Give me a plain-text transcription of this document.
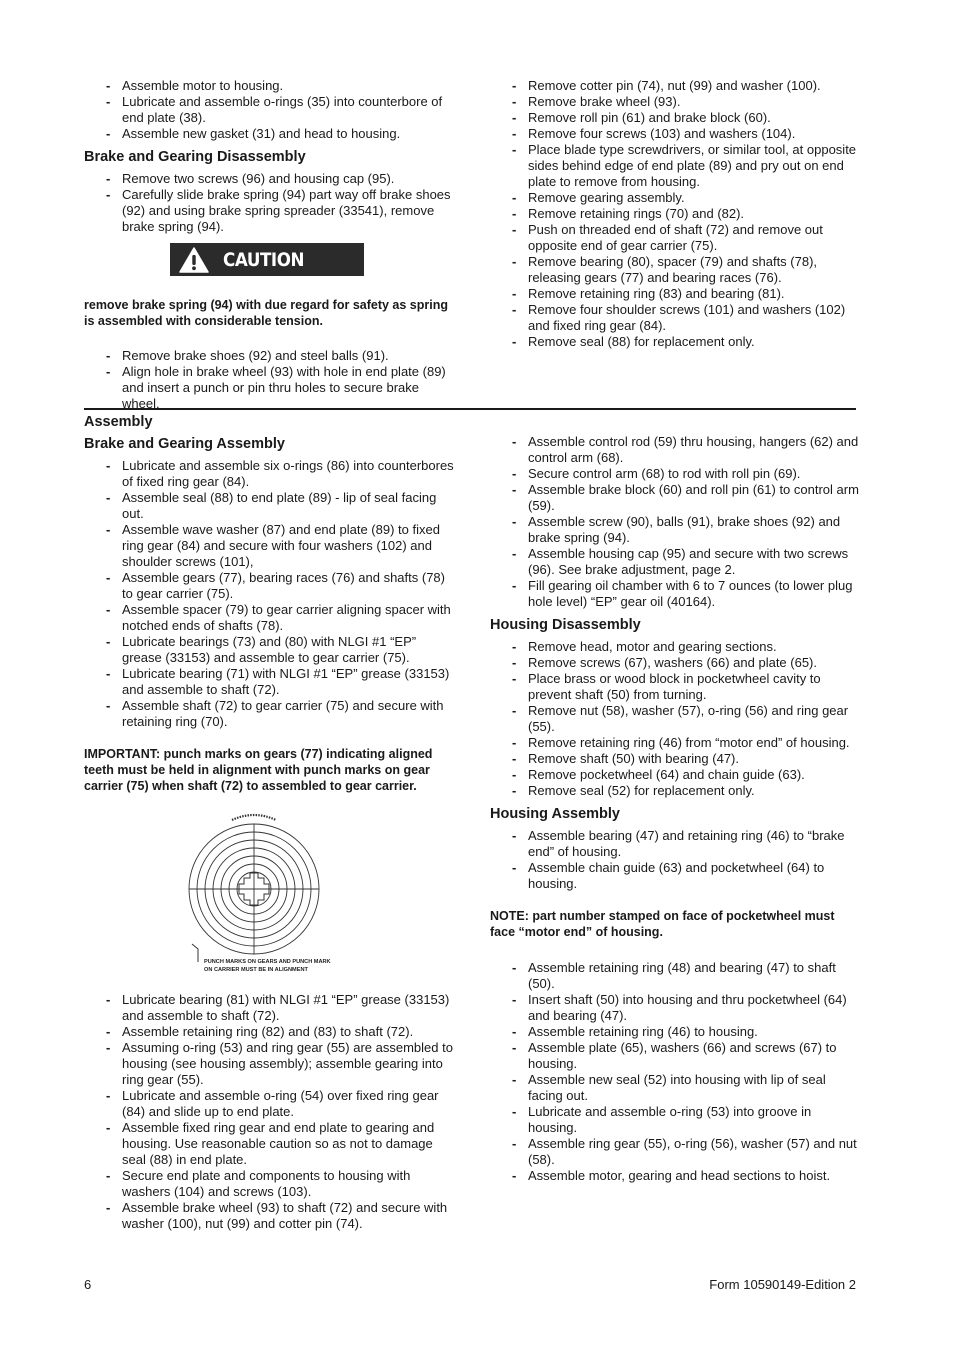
- Assemble motor to housing.
- Lubricate and assemble o-rings (35) into counterbore of end plate (38).
- Assemble new gasket (31) and head to housing.
Brake and Gearing Disassembly
- Remove two screws (96) and housing cap (95).
- Carefully slide brake spring (94) part way off brake shoes (92) and using brake spring spreader (33541), remove brake spring (94).
CAUTION

remove brake spring (94) with due regard for safety as spring is assembled with considerable tension.

- Remove brake shoes (92) and steel balls (91).
- Align hole in brake wheel (93) with hole in end plate (89) and insert a punch or pin thru holes to secure brake wheel.
- Remove cotter pin (74), nut (99) and washer (100).
- Remove brake wheel (93).
- Remove roll pin (61) and brake block (60).
- Remove four screws (103) and washers (104).
- Place blade type screwdrivers, or similar tool, at opposite sides behind edge of end plate (89) and pry out on end plate to remove from housing.
- Remove gearing assembly.
- Remove retaining rings (70) and (82).
- Push on threaded end of shaft (72) and remove out opposite end of gear carrier (75).
- Remove bearing (80), spacer (79) and shafts (78), releasing gears (77) and bearing races (76).
- Remove retaining ring (83) and bearing (81).
- Remove four shoulder screws (101) and washers (102) and fixed ring gear (84).
- Remove seal (88) for replacement only.
Assembly
Brake and Gearing Assembly
- Lubricate and assemble six o-rings (86) into counterbores of fixed ring gear (84).
- Assemble seal (88) to end plate (89) - lip of seal facing out.
- Assemble wave washer (87) and end plate (89) to fixed ring gear (84) and secure with four washers (102) and shoulder screws (101),
- Assemble gears (77), bearing races (76) and shafts (78) to gear carrier (75).
- Assemble spacer (79) to gear carrier aligning spacer with notched ends of shafts (78).
- Lubricate bearings (73) and (80) with NLGI #1 “EP” grease (33153) and assemble to gear carrier (75).
- Lubricate bearing (71) with NLGI #1 “EP” grease (33153) and assemble to shaft (72).
- Assemble shaft (72) to gear carrier (75) and secure with retaining ring (70).

IMPORTANT: punch marks on gears (77) indicating aligned teeth must be held in alignment with punch marks on gear carrier (75) when shaft (72) to assembled to gear carrier.

PUNCH MARKS ON GEARS AND PUNCH MARK
ON CARRIER MUST BE IN ALIGNMENT
- Lubricate bearing (81) with NLGI #1 “EP” grease (33153) and assemble to shaft (72).
- Assemble retaining ring (82) and (83) to shaft (72).
- Assuming o-ring (53) and ring gear (55) are assembled to housing (see housing assembly); assemble gearing into ring gear (55).
- Lubricate and assemble o-ring (54) over fixed ring gear (84) and slide up to end plate.
- Assemble fixed ring gear and end plate to gearing and housing. Use reasonable caution so as not to damage seal (88) in end plate.
- Secure end plate and components to housing with washers (104) and screws (103).
- Assemble brake wheel (93) to shaft (72) and secure with washer (100), nut (99) and cotter pin (74).
- Assemble control rod (59) thru housing, hangers (62) and control arm (68).
- Secure control arm (68) to rod with roll pin (69).
- Assemble brake block (60) and roll pin (61) to control arm (59).
- Assemble screw (90), balls (91), brake shoes (92) and brake spring (94).
- Assemble housing cap (95) and secure with two screws (96). See brake adjustment, page 2.
- Fill gearing oil chamber with 6 to 7 ounces (to lower plug hole level) “EP” gear oil (40164).
Housing Disassembly
- Remove head, motor and gearing sections.
- Remove screws (67), washers (66) and plate (65).
- Place brass or wood block in pocketwheel cavity to prevent shaft (50) from turning.
- Remove nut (58), washer (57), o-ring (56) and ring gear (55).
- Remove retaining ring (46) from “motor end” of housing.
- Remove shaft (50) with bearing (47).
- Remove pocketwheel (64) and chain guide (63).
- Remove seal (52) for replacement only.
Housing Assembly
- Assemble bearing (47) and retaining ring (46) to “brake end” of housing.
- Assemble chain guide (63) and pocketwheel (64) to housing.

NOTE: part number stamped on face of pocketwheel must face “motor end” of housing.

- Assemble retaining ring (48) and bearing (47) to shaft (50).
- Insert shaft (50) into housing and thru pocketwheel (64) and bearing (47).
- Assemble retaining ring (46) to housing.
- Assemble plate (65), washers (66) and screws (67) to housing.
- Assemble new seal (52) into housing with lip of seal facing out.
- Lubricate and assemble o-ring (53) into groove in housing.
- Assemble ring gear (55), o-ring (56), washer (57) and nut (58).
- Assemble motor, gearing and head sections to hoist.
6	Form 10590149-Edition 2
